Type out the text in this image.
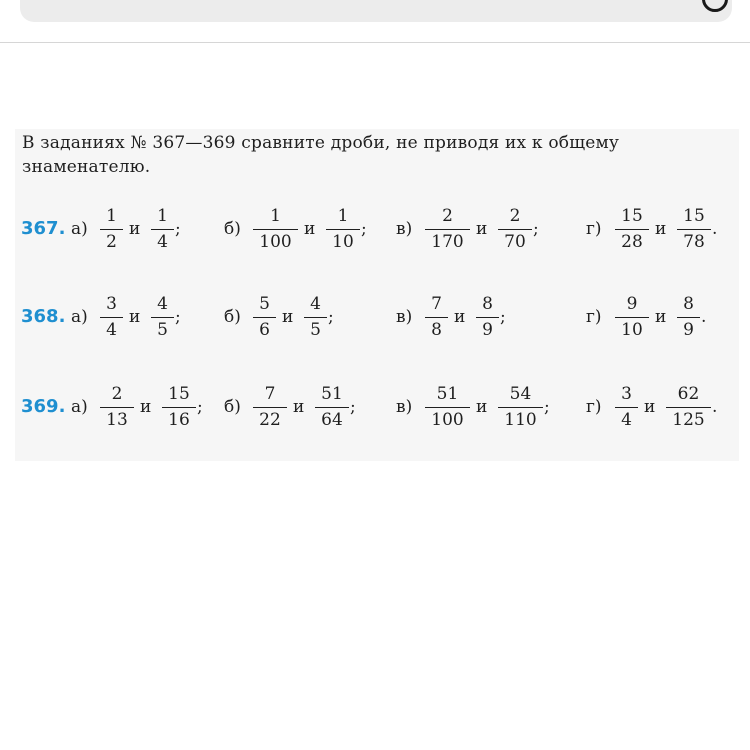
В заданиях № 367—369 сравните дроби, не приводя их к общему знаменателю.
367. а)
1
2
и
1
4
;	б)
1
100
и
1
10
; в)
2
170
и
2
70
;	г)
15
28
и
15
78
.
368. а)
3
4
и
4
5
;	б)
5
6
и
4
5
;	в)
7
8
и
8
9
;	г)
9
10
и
8
9
.
369. а)
2
13
и
15
16
; б)
7
22
и
51
64
; в)
51
100
и
54
110
; г)
3
4
и
62
125
.
